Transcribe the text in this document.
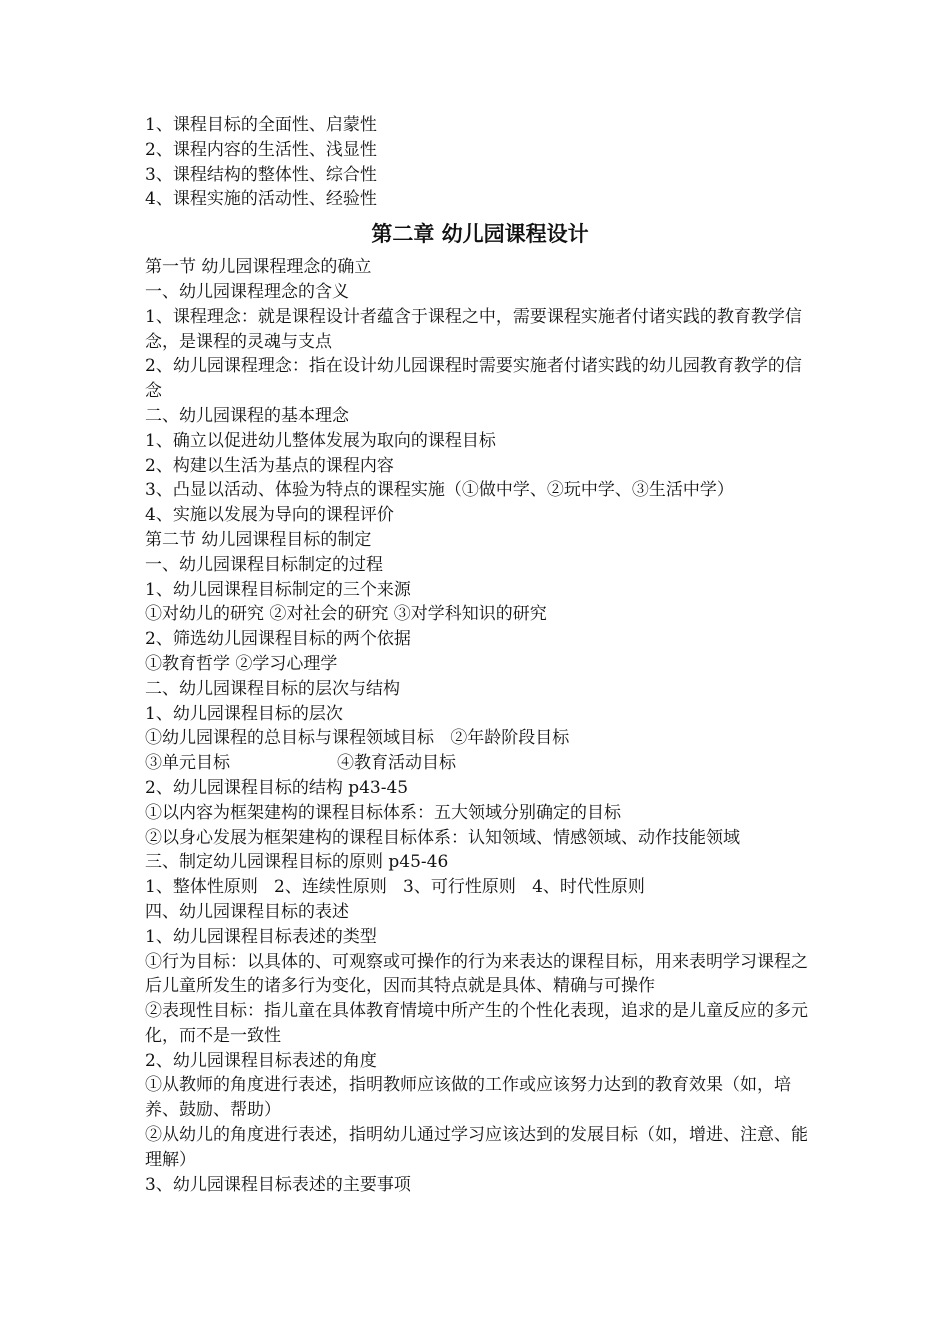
1、课程目标的全面性、启蒙性

2、课程内容的生活性、浅显性

3、课程结构的整体性、综合性

4、课程实施的活动性、经验性

第二章 幼儿园课程设计

第一节 幼儿园课程理念的确立

一、幼儿园课程理念的含义

1、课程理念：就是课程设计者蕴含于课程之中，需要课程实施者付诸实践的教育教学信念，是课程的灵魂与支点

2、幼儿园课程理念：指在设计幼儿园课程时需要实施者付诸实践的幼儿园教育教学的信念

二、幼儿园课程的基本理念

1、确立以促进幼儿整体发展为取向的课程目标

2、构建以生活为基点的课程内容

3、凸显以活动、体验为特点的课程实施（①做中学、②玩中学、③生活中学）

4、实施以发展为导向的课程评价

第二节 幼儿园课程目标的制定

一、幼儿园课程目标制定的过程

1、幼儿园课程目标制定的三个来源

①对幼儿的研究 ②对社会的研究 ③对学科知识的研究

2、筛选幼儿园课程目标的两个依据

①教育哲学 ②学习心理学

二、幼儿园课程目标的层次与结构

1、幼儿园课程目标的层次

①幼儿园课程的总目标与课程领域目标   ②年龄阶段目标

③单元目标	④教育活动目标

2、幼儿园课程目标的结构 p43-45

①以内容为框架建构的课程目标体系：五大领域分别确定的目标

②以身心发展为框架建构的课程目标体系：认知领域、情感领域、动作技能领域

三、制定幼儿园课程目标的原则 p45-46

1、整体性原则   2、连续性原则   3、可行性原则   4、时代性原则

四、幼儿园课程目标的表述

1、幼儿园课程目标表述的类型

①行为目标：以具体的、可观察或可操作的行为来表达的课程目标，用来表明学习课程之后儿童所发生的诸多行为变化，因而其特点就是具体、精确与可操作

②表现性目标：指儿童在具体教育情境中所产生的个性化表现，追求的是儿童反应的多元化，而不是一致性

2、幼儿园课程目标表述的角度

①从教师的角度进行表述，指明教师应该做的工作或应该努力达到的教育效果（如，培养、鼓励、帮助）

②从幼儿的角度进行表述，指明幼儿通过学习应该达到的发展目标（如，增进、注意、能理解）

3、幼儿园课程目标表述的主要事项
